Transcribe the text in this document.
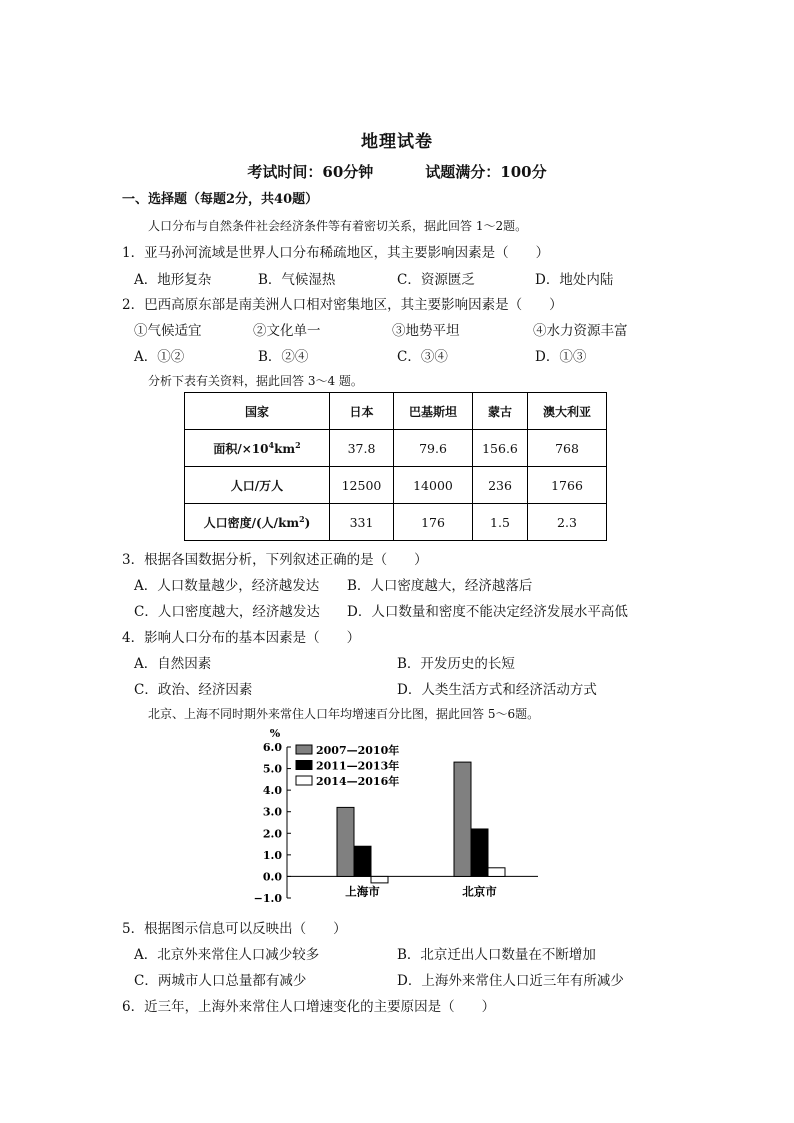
地理试卷
考试时间：60分钟	试题满分：100分
一、选择题（每题2分，共40题）
人口分布与自然条件社会经济条件等有着密切关系，据此回答 1～2题。
1．亚马孙河流域是世界人口分布稀疏地区，其主要影响因素是（　　）
A．地形复杂	B．气候湿热	C．资源匮乏	D．地处内陆
2．巴西高原东部是南美洲人口相对密集地区，其主要影响因素是（　　）
①气候适宜	②文化单一	③地势平坦	④水力资源丰富
A．①②	B．②④	C．③④	D．①③
分析下表有关资料，据此回答 3～4 题。
国家	日本	巴基斯坦	蒙古	澳大利亚
面积$/\times 10^4km^2$	37.8	79.6	156.6	768
人口/万人	12500	14000	236	1766
人口密度/(人$/km^2$)	331	176	1.5	2.3
3．根据各国数据分析，下列叙述正确的是（　　）
A．人口数量越少，经济越发达 B．人口密度越大，经济越落后
C．人口密度越大，经济越发达 D．人口数量和密度不能决定经济发展水平高低
4．影响人口分布的基本因素是（　　）
A．自然因素	B．开发历史的长短
C．政治、经济因素	D．人类生活方式和经济活动方式
北京、上海不同时期外来常住人口年均增速百分比图，据此回答 5～6题。
%
6.0
5.0
4.0
3.0
2.0
1.0
0.0
−1.0
上海市	北京市
2007—2010年
2011—2013年
2014—2016年
5．根据图示信息可以反映出（　　）
A．北京外来常住人口减少较多	B．北京迁出人口数量在不断增加
C．两城市人口总量都有减少	D．上海外来常住人口近三年有所减少
6．近三年，上海外来常住人口增速变化的主要原因是（　　）
